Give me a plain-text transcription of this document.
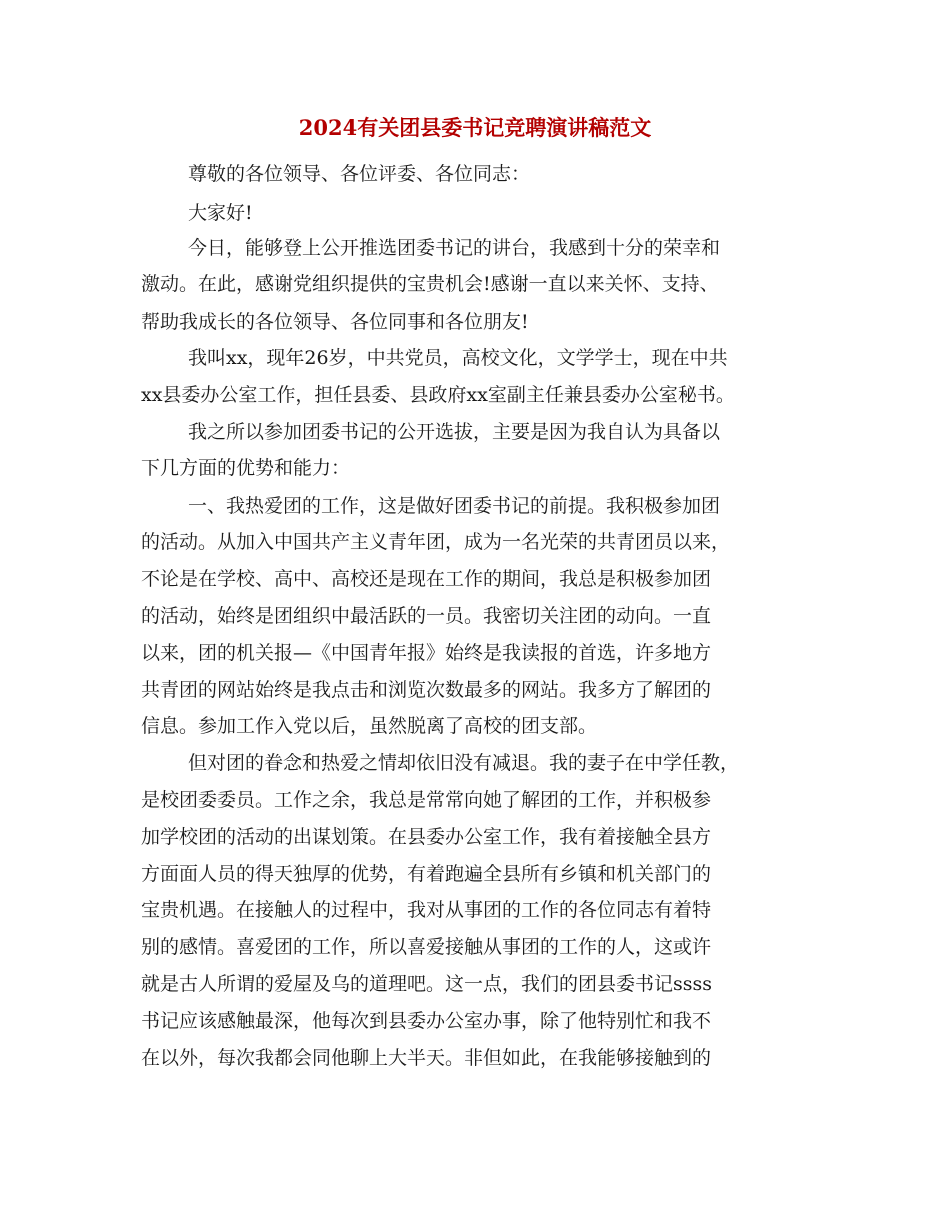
2024有关团县委书记竞聘演讲稿范文
尊敬的各位领导、各位评委、各位同志：
大家好!
今日，能够登上公开推选团委书记的讲台，我感到十分的荣幸和
激动。在此，感谢党组织提供的宝贵机会!感谢一直以来关怀、支持、
帮助我成长的各位领导、各位同事和各位朋友!
我叫xx，现年26岁，中共党员，高校文化，文学学士，现在中共
xx县委办公室工作，担任县委、县政府xx室副主任兼县委办公室秘书。
我之所以参加团委书记的公开选拔，主要是因为我自认为具备以
下几方面的优势和能力：
一、我热爱团的工作，这是做好团委书记的前提。我积极参加团
的活动。从加入中国共产主义青年团，成为一名光荣的共青团员以来，
不论是在学校、高中、高校还是现在工作的期间，我总是积极参加团
的活动，始终是团组织中最活跃的一员。我密切关注团的动向。一直
以来，团的机关报—《中国青年报》始终是我读报的首选，许多地方
共青团的网站始终是我点击和浏览次数最多的网站。我多方了解团的
信息。参加工作入党以后，虽然脱离了高校的团支部。
但对团的眷念和热爱之情却依旧没有减退。我的妻子在中学任教，
是校团委委员。工作之余，我总是常常向她了解团的工作，并积极参
加学校团的活动的出谋划策。在县委办公室工作，我有着接触全县方
方面面人员的得天独厚的优势，有着跑遍全县所有乡镇和机关部门的
宝贵机遇。在接触人的过程中，我对从事团的工作的各位同志有着特
别的感情。喜爱团的工作，所以喜爱接触从事团的工作的人，这或许
就是古人所谓的爱屋及乌的道理吧。这一点，我们的团县委书记ssss
书记应该感触最深，他每次到县委办公室办事，除了他特别忙和我不
在以外，每次我都会同他聊上大半天。非但如此，在我能够接触到的
